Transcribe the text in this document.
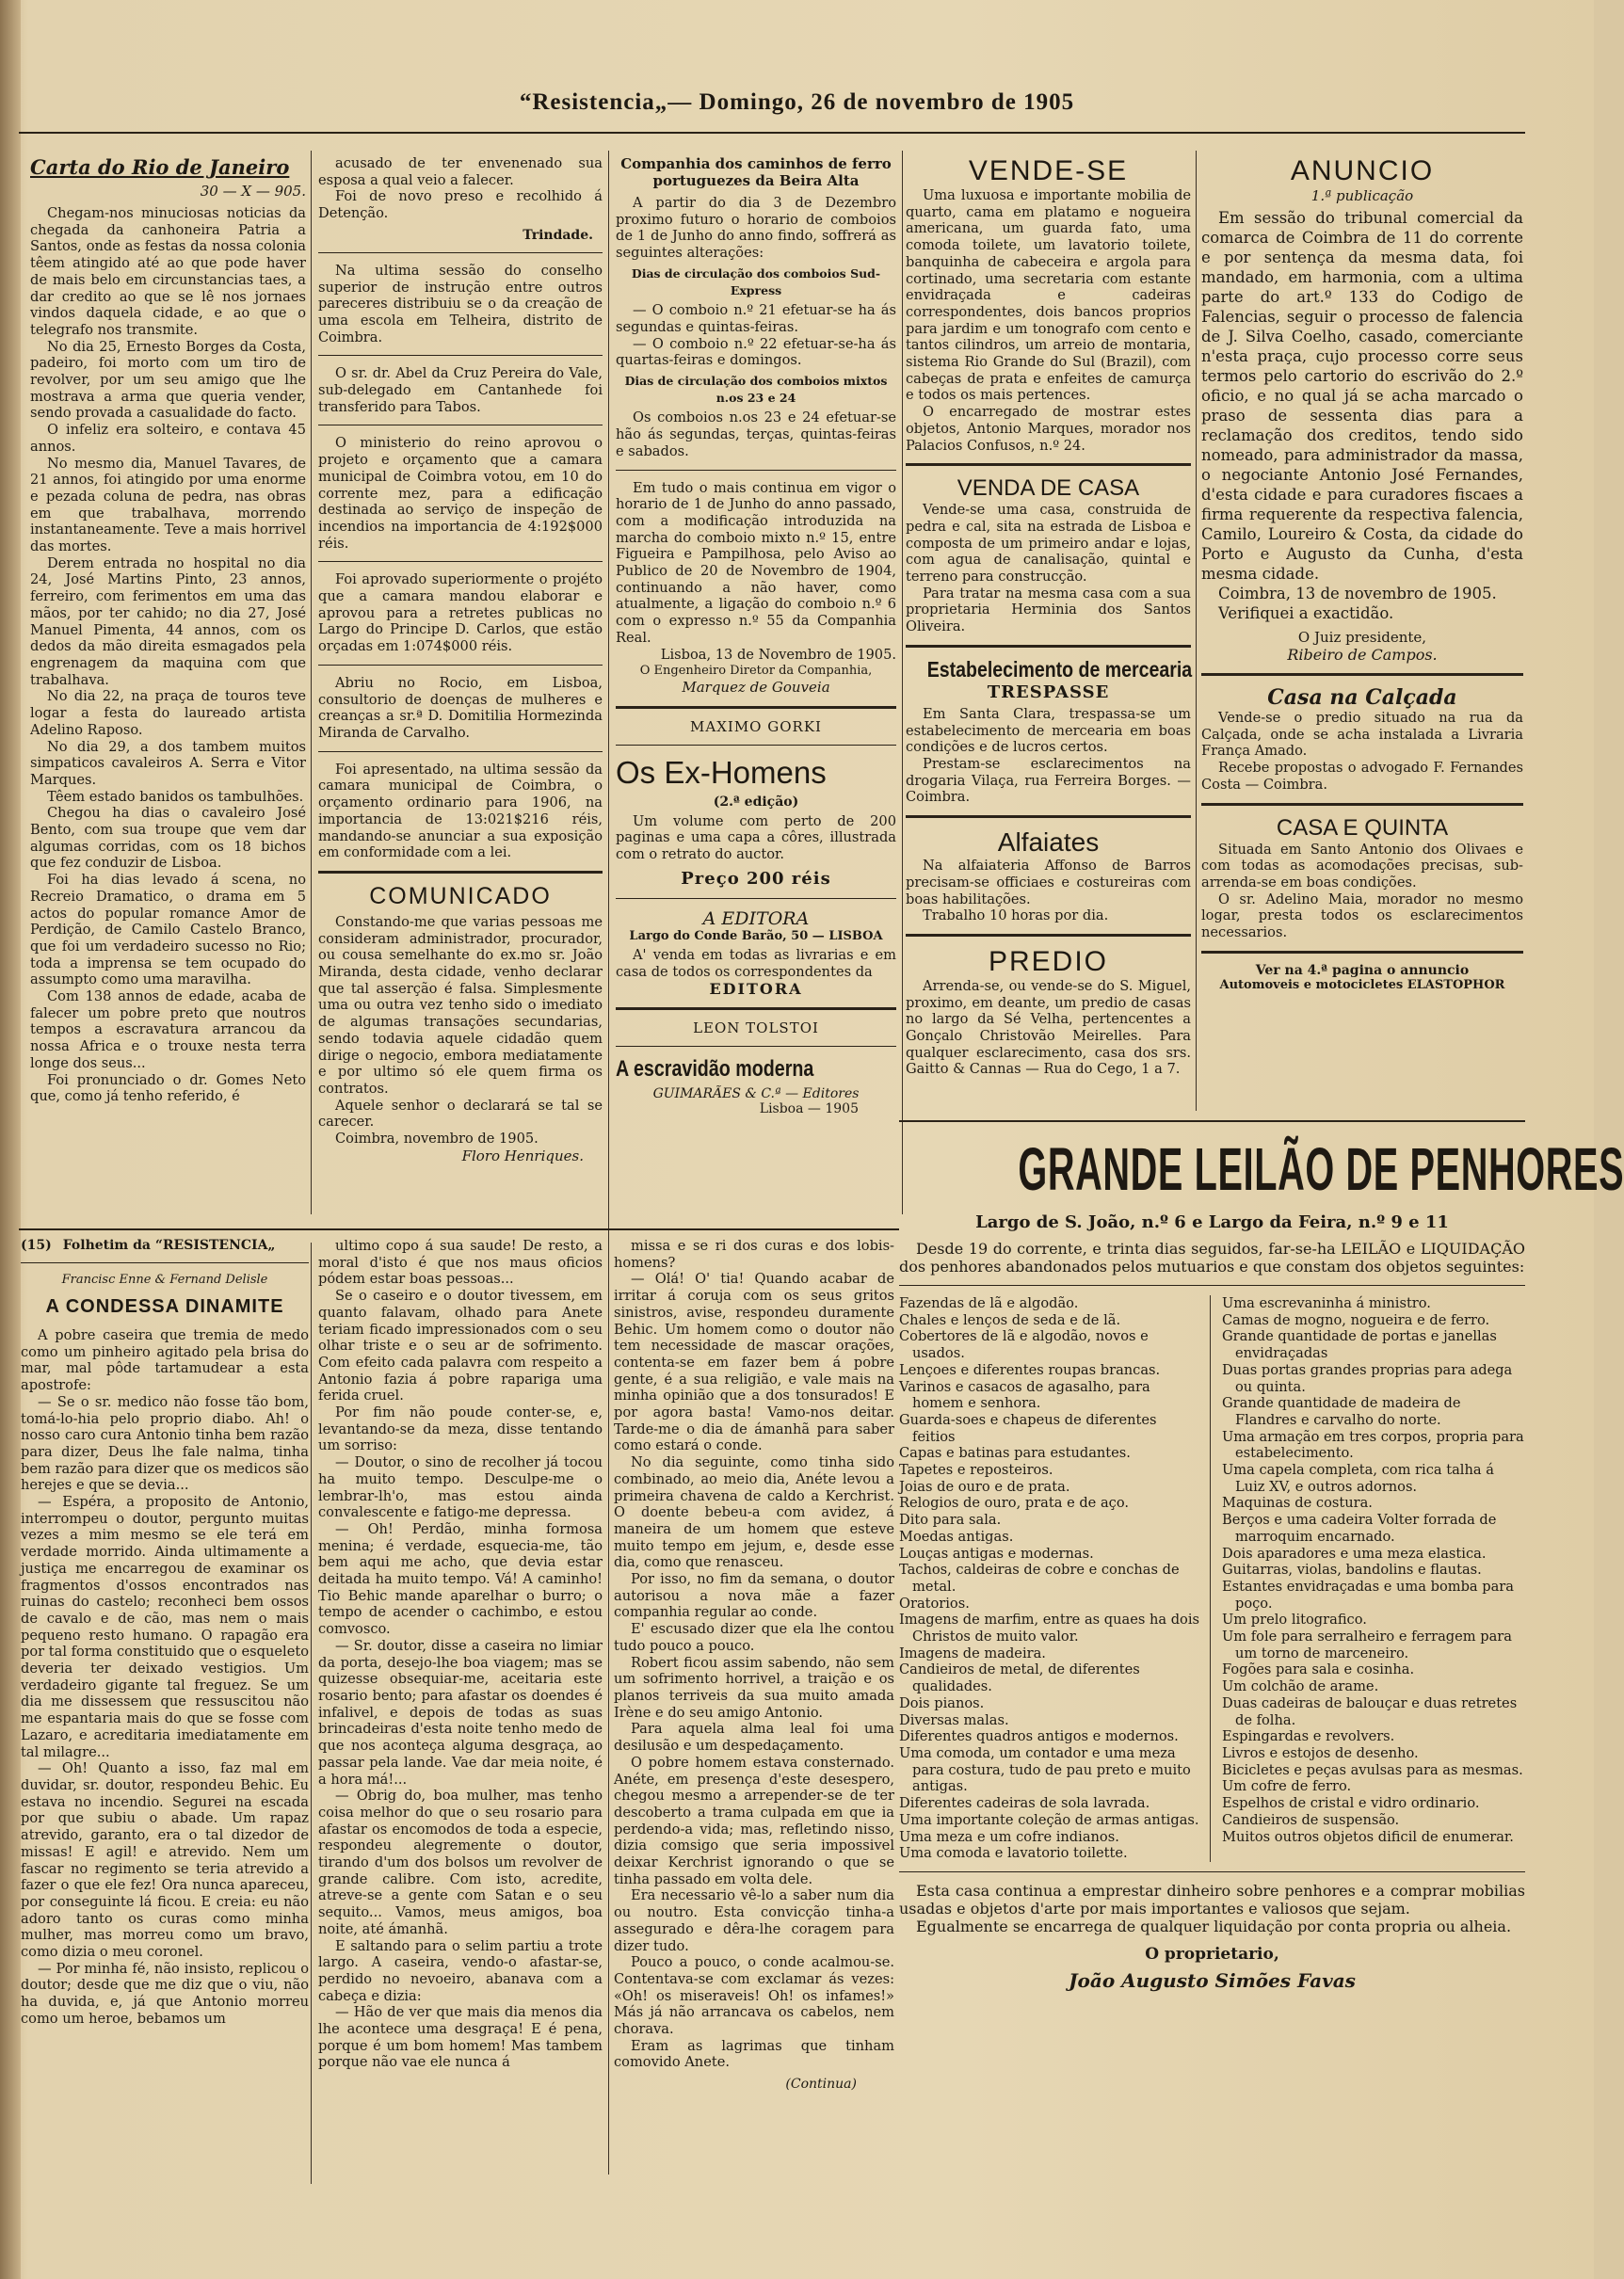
“Resistencia„— Domingo, 26 de novembro de 1905
Carta do Rio de Janeiro
30 — X — 905.

Chegam-nos minuciosas noticias da chegada da canhoneira Patria a Santos, onde as festas da nossa colonia têem atingido até ao que pode haver de mais belo em circunstancias taes, a dar credito ao que se lê nos jornaes vindos daquela cidade, e ao que o telegrafo nos transmite.

No dia 25, Ernesto Borges da Costa, padeiro, foi morto com um tiro de revolver, por um seu amigo que lhe mostrava a arma que queria vender, sendo provada a casualidade do facto.

O infeliz era solteiro, e contava 45 annos.

No mesmo dia, Manuel Tavares, de 21 annos, foi atingido por uma enorme e pezada coluna de pedra, nas obras em que trabalhava, morrendo instantaneamente. Teve a mais horrivel das mortes.

Derem entrada no hospital no dia 24, José Martins Pinto, 23 annos, ferreiro, com ferimentos em uma das mãos, por ter cahido; no dia 27, José Manuel Pimenta, 44 annos, com os dedos da mão direita esmagados pela engrenagem da maquina com que trabalhava.

No dia 22, na praça de touros teve logar a festa do laureado artista Adelino Raposo.

No dia 29, a dos tambem muitos simpaticos cavaleiros A. Serra e Vitor Marques.

Têem estado banidos os tambulhões.

Chegou ha dias o cavaleiro José Bento, com sua troupe que vem dar algumas corridas, com os 18 bichos que fez conduzir de Lisboa.

Foi ha dias levado á scena, no Recreio Dramatico, o drama em 5 actos do popular romance Amor de Perdição, de Camilo Castelo Branco, que foi um verdadeiro sucesso no Rio; toda a imprensa se tem ocupado do assumpto como uma maravilha.

Com 138 annos de edade, acaba de falecer um pobre preto que noutros tempos a escravatura arrancou da nossa Africa e o trouxe nesta terra longe dos seus...

Foi pronunciado o dr. Gomes Neto que, como já tenho referido, é

acusado de ter envenenado sua esposa a qual veio a falecer.

Foi de novo preso e recolhido á Detenção.

Trindade.

Na ultima sessão do conselho superior de instrução entre outros pareceres distribuiu se o da creação de uma escola em Telheira, distrito de Coimbra.

O sr. dr. Abel da Cruz Pereira do Vale, sub-delegado em Cantanhede foi transferido para Tabos.

O ministerio do reino aprovou o projeto e orçamento que a camara municipal de Coimbra votou, em 10 do corrente mez, para a edificação destinada ao serviço de inspeção de incendios na importancia de 4:192$000 réis.

Foi aprovado superiormente o projéto que a camara mandou elaborar e aprovou para a retretes publicas no Largo do Principe D. Carlos, que estão orçadas em 1:074$000 réis.

Abriu no Rocio, em Lisboa, consultorio de doenças de mulheres e creanças a sr.ª D. Domitilia Hormezinda Miranda de Carvalho.

Foi apresentado, na ultima sessão da camara municipal de Coimbra, o orçamento ordinario para 1906, na importancia de 13:021$216 réis, mandando-se anunciar a sua exposição em conformidade com a lei.

COMUNICADO

Constando-me que varias pessoas me consideram administrador, procurador, ou cousa semelhante do ex.mo sr. João Miranda, desta cidade, venho declarar que tal asserção é falsa. Simplesmente uma ou outra vez tenho sido o imediato de algumas transações secundarias, sendo todavia aquele cidadão quem dirige o negocio, embora mediatamente e por ultimo só ele quem firma os contratos.

Aquele senhor o declarará se tal se carecer.

Coimbra, novembro de 1905.

Floro Henriques.
Companhia dos caminhos de ferro portuguezes da Beira Alta

A partir do dia 3 de Dezembro proximo futuro o horario de comboios de 1 de Junho do anno findo, soffrerá as seguintes alterações:

Dias de circulação dos comboios Sud-Express

— O comboio n.º 21 efetuar-se ha ás segundas e quintas-feiras.

— O comboio n.º 22 efetuar-se-ha ás quartas-feiras e domingos.

Dias de circulação dos comboios mixtos n.os 23 e 24

Os comboios n.os 23 e 24 efetuar-se hão ás segundas, terças, quintas-feiras e sabados.

Em tudo o mais continua em vigor o horario de 1 de Junho do anno passado, com a modificação introduzida na marcha do comboio mixto n.º 15, entre Figueira e Pampilhosa, pelo Aviso ao Publico de 20 de Novembro de 1904, continuando a não haver, como atualmente, a ligação do comboio n.º 6 com o expresso n.º 55 da Companhia Real.

Lisboa, 13 de Novembro de 1905.
O Engenheiro Diretor da Companhia,
Marquez de Gouveia
MAXIMO GORKI
Os Ex-Homens
(2.ª edição)

Um volume com perto de 200 paginas e uma capa a côres, illustrada com o retrato do auctor.

Preço 200 réis
A EDITORA
Largo do Conde Barão, 50 — LISBOA

A' venda em todas as livrarias e em casa de todos os correspondentes da

EDITORA
LEON TOLSTOI
A escravidão moderna
GUIMARÃES & C.ª — Editores
Lisboa — 1905
VENDE-SE

Uma luxuosa e importante mobilia de quarto, cama em platamo e nogueira americana, um guarda fato, uma comoda toilete, um lavatorio toilete, banquinha de cabeceira e argola para cortinado, uma secretaria com estante envidraçada e cadeiras correspondentes, dois bancos proprios para jardim e um tonografo com cento e tantos cilindros, um arreio de montaria, sistema Rio Grande do Sul (Brazil), com cabeças de prata e enfeites de camurça e todos os mais pertences.

O encarregado de mostrar estes objetos, Antonio Marques, morador nos Palacios Confusos, n.º 24.

VENDA DE CASA

Vende-se uma casa, construida de pedra e cal, sita na estrada de Lisboa e composta de um primeiro andar e lojas, com agua de canalisação, quintal e terreno para construcção.

Para tratar na mesma casa com a sua proprietaria Herminia dos Santos Oliveira.

Estabelecimento de mercearia
TRESPASSE

Em Santa Clara, trespassa-se um estabelecimento de mercearia em boas condições e de lucros certos.

Prestam-se esclarecimentos na drogaria Vilaça, rua Ferreira Borges. — Coimbra.

Alfaiates

Na alfaiateria Affonso de Barros precisam-se officiaes e costureiras com boas habilitações.

Trabalho 10 horas por dia.

PREDIO

Arrenda-se, ou vende-se do S. Miguel, proximo, em deante, um predio de casas no largo da Sé Velha, pertencentes a Gonçalo Christovão Meirelles. Para qualquer esclarecimento, casa dos srs. Gaitto & Cannas — Rua do Cego, 1 a 7.

ANUNCIO
1.ª publicação

Em sessão do tribunal comercial da comarca de Coimbra de 11 do corrente e por sentença da mesma data, foi mandado, em harmonia, com a ultima parte do art.º 133 do Codigo de Falencias, seguir o processo de falencia de J. Silva Coelho, casado, comerciante n'esta praça, cujo processo corre seus termos pelo cartorio do escrivão do 2.º oficio, e no qual já se acha marcado o praso de sessenta dias para a reclamação dos creditos, tendo sido nomeado, para administrador da massa, o negociante Antonio José Fernandes, d'esta cidade e para curadores fiscaes a firma requerente da respectiva falencia, Camilo, Loureiro & Costa, da cidade do Porto e Augusto da Cunha, d'esta mesma cidade.

Coimbra, 13 de novembro de 1905.

Verifiquei a exactidão.

O Juiz presidente,
Ribeiro de Campos.
Casa na Calçada

Vende-se o predio situado na rua da Calçada, onde se acha instalada a Livraria França Amado.

Recebe propostas o advogado F. Fernandes Costa — Coimbra.

CASA E QUINTA

Situada em Santo Antonio dos Olivaes e com todas as acomodações precisas, sub-arrenda-se em boas condições.

O sr. Adelino Maia, morador no mesmo logar, presta todos os esclarecimentos necessarios.

Ver na 4.ª pagina o annuncio
Automoveis e motocicletes ELASTOPHOR
GRANDE LEILÃO DE PENHORES
Largo de S. João, n.º 6 e Largo da Feira, n.º 9 e 11

Desde 19 do corrente, e trinta dias seguidos, far-se-ha LEILÃO e LIQUIDAÇÃO dos penhores abandonados pelos mutuarios e que constam dos objetos seguintes:

Fazendas de lã e algodão.
Chales e lenços de seda e de lã.
Cobertores de lã e algodão, novos e usados.
Lençoes e diferentes roupas brancas.
Varinos e casacos de agasalho, para homem e senhora.
Guarda-soes e chapeus de diferentes feitios
Capas e batinas para estudantes.
Tapetes e reposteiros.
Joias de ouro e de prata.
Relogios de ouro, prata e de aço.
Dito para sala.
Moedas antigas.
Louças antigas e modernas.
Tachos, caldeiras de cobre e conchas de metal.
Oratorios.
Imagens de marfim, entre as quaes ha dois Christos de muito valor.
Imagens de madeira.
Candieiros de metal, de diferentes qualidades.
Dois pianos.
Diversas malas.
Diferentes quadros antigos e modernos.
Uma comoda, um contador e uma meza para costura, tudo de pau preto e muito antigas.
Diferentes cadeiras de sola lavrada.
Uma importante coleção de armas antigas.
Uma meza e um cofre indianos.
Uma comoda e lavatorio toilette.
Uma escrevaninha á ministro.
Camas de mogno, nogueira e de ferro.
Grande quantidade de portas e janellas envidraçadas
Duas portas grandes proprias para adega ou quinta.
Grande quantidade de madeira de Flandres e carvalho do norte.
Uma armação em tres corpos, propria para estabelecimento.
Uma capela completa, com rica talha á Luiz XV, e outros adornos.
Maquinas de costura.
Berços e uma cadeira Volter forrada de marroquim encarnado.
Dois aparadores e uma meza elastica.
Guitarras, violas, bandolins e flautas.
Estantes envidraçadas e uma bomba para poço.
Um prelo litografico.
Um fole para serralheiro e ferragem para um torno de marceneiro.
Fogões para sala e cosinha.
Um colchão de arame.
Duas cadeiras de balouçar e duas retretes de folha.
Espingardas e revolvers.
Livros e estojos de desenho.
Bicicletes e peças avulsas para as mesmas.
Um cofre de ferro.
Espelhos de cristal e vidro ordinario.
Candieiros de suspensão.
Muitos outros objetos dificil de enumerar.

Esta casa continua a emprestar dinheiro sobre penhores e a comprar mobilias usadas e objetos d'arte por mais importantes e valiosos que sejam.

Egualmente se encarrega de qualquer liquidação por conta propria ou alheia.

O proprietario,
João Augusto Simões Favas
(15) Folhetim da “RESISTENCIA„
Francisc Enne & Fernand Delisle
A CONDESSA DINAMITE

A pobre caseira que tremia de medo como um pinheiro agitado pela brisa do mar, mal pôde tartamudear a esta apostrofe:

— Se o sr. medico não fosse tão bom, tomá-lo-hia pelo proprio diabo. Ah! o nosso caro cura Antonio tinha bem razão para dizer, Deus lhe fale nalma, tinha bem razão para dizer que os medicos são herejes e que se devia...

— Espéra, a proposito de Antonio, interrompeu o doutor, pergunto muitas vezes a mim mesmo se ele terá em verdade morrido. Ainda ultimamente a justiça me encarregou de examinar os fragmentos d'ossos encontrados nas ruinas do castelo; reconheci bem ossos de cavalo e de cão, mas nem o mais pequeno resto humano. O rapagão era por tal forma constituido que o esqueleto deveria ter deixado vestigios. Um verdadeiro gigante tal freguez. Se um dia me dissessem que ressuscitou não me espantaria mais do que se fosse com Lazaro, e acreditaria imediatamente em tal milagre...

— Oh! Quanto a isso, faz mal em duvidar, sr. doutor, respondeu Behic. Eu estava no incendio. Segurei na escada por que subiu o abade. Um rapaz atrevido, garanto, era o tal dizedor de missas! E agil! e atrevido. Nem um fascar no regimento se teria atrevido a fazer o que ele fez! Ora nunca apareceu, por conseguinte lá ficou. E creia: eu não adoro tanto os curas como minha mulher, mas morreu como um bravo, como dizia o meu coronel.

— Por minha fé, não insisto, replicou o doutor; desde que me diz que o viu, não ha duvida, e, já que Antonio morreu como um heroe, bebamos um

ultimo copo á sua saude! De resto, a moral d'isto é que nos maus oficios pódem estar boas pessoas...

Se o caseiro e o doutor tivessem, em quanto falavam, olhado para Anete teriam ficado impressionados com o seu olhar triste e o seu ar de sofrimento. Com efeito cada palavra com respeito a Antonio fazia á pobre rapariga uma ferida cruel.

Por fim não poude conter-se, e, levantando-se da meza, disse tentando um sorriso:

— Doutor, o sino de recolher já tocou ha muito tempo. Desculpe-me o lembrar-lh'o, mas estou ainda convalescente e fatigo-me depressa.

— Oh! Perdão, minha formosa menina; é verdade, esquecia-me, tão bem aqui me acho, que devia estar deitada ha muito tempo. Vá! A caminho! Tio Behic mande aparelhar o burro; o tempo de acender o cachimbo, e estou comvosco.

— Sr. doutor, disse a caseira no limiar da porta, desejo-lhe boa viagem; mas se quizesse obsequiar-me, aceitaria este rosario bento; para afastar os doendes é infalivel, e depois de todas as suas brincadeiras d'esta noite tenho medo de que nos aconteça alguma desgraça, ao passar pela lande. Vae dar meia noite, é a hora má!...

— Obrig do, boa mulher, mas tenho coisa melhor do que o seu rosario para afastar os encomodos de toda a especie, respondeu alegremente o doutor, tirando d'um dos bolsos um revolver de grande calibre. Com isto, acredite, atreve-se a gente com Satan e o seu sequito... Vamos, meus amigos, boa noite, até ámanhã.

E saltando para o selim partiu a trote largo. A caseira, vendo-o afastar-se, perdido no nevoeiro, abanava com a cabeça e dizia:

— Hão de ver que mais dia menos dia lhe acontece uma desgraça! E é pena, porque é um bom homem! Mas tambem porque não vae ele nunca á

missa e se ri dos curas e dos lobis-homens?

— Olá! O' tia! Quando acabar de irritar á coruja com os seus gritos sinistros, avise, respondeu duramente Behic. Um homem como o doutor não tem necessidade de mascar orações, contenta-se em fazer bem á pobre gente, é a sua religião, e vale mais na minha opinião que a dos tonsurados! E por agora basta! Vamo-nos deitar. Tarde-me o dia de ámanhã para saber como estará o conde.

No dia seguinte, como tinha sido combinado, ao meio dia, Anéte levou a primeira chavena de caldo a Kerchrist. O doente bebeu-a com avidez, á maneira de um homem que esteve muito tempo em jejum, e, desde esse dia, como que renasceu.

Por isso, no fim da semana, o doutor autorisou a nova mãe a fazer companhia regular ao conde.

E' escusado dizer que ela lhe contou tudo pouco a pouco.

Robert ficou assim sabendo, não sem um sofrimento horrivel, a traição e os planos terriveis da sua muito amada Irène e do seu amigo Antonio.

Para aquela alma leal foi uma desilusão e um despedaçamento.

O pobre homem estava consternado. Anéte, em presença d'este desespero, chegou mesmo a arrepender-se de ter descoberto a trama culpada em que ia perdendo-a vida; mas, refletindo nisso, dizia comsigo que seria impossivel deixar Kerchrist ignorando o que se tinha passado em volta dele.

Era necessario vê-lo a saber num dia ou noutro. Esta convicção tinha-a assegurado e dêra-lhe coragem para dizer tudo.

Pouco a pouco, o conde acalmou-se. Contentava-se com exclamar ás vezes: «Oh! os miseraveis! Oh! os infames!» Más já não arrancava os cabelos, nem chorava.

Eram as lagrimas que tinham comovido Anete.

(Continua)
